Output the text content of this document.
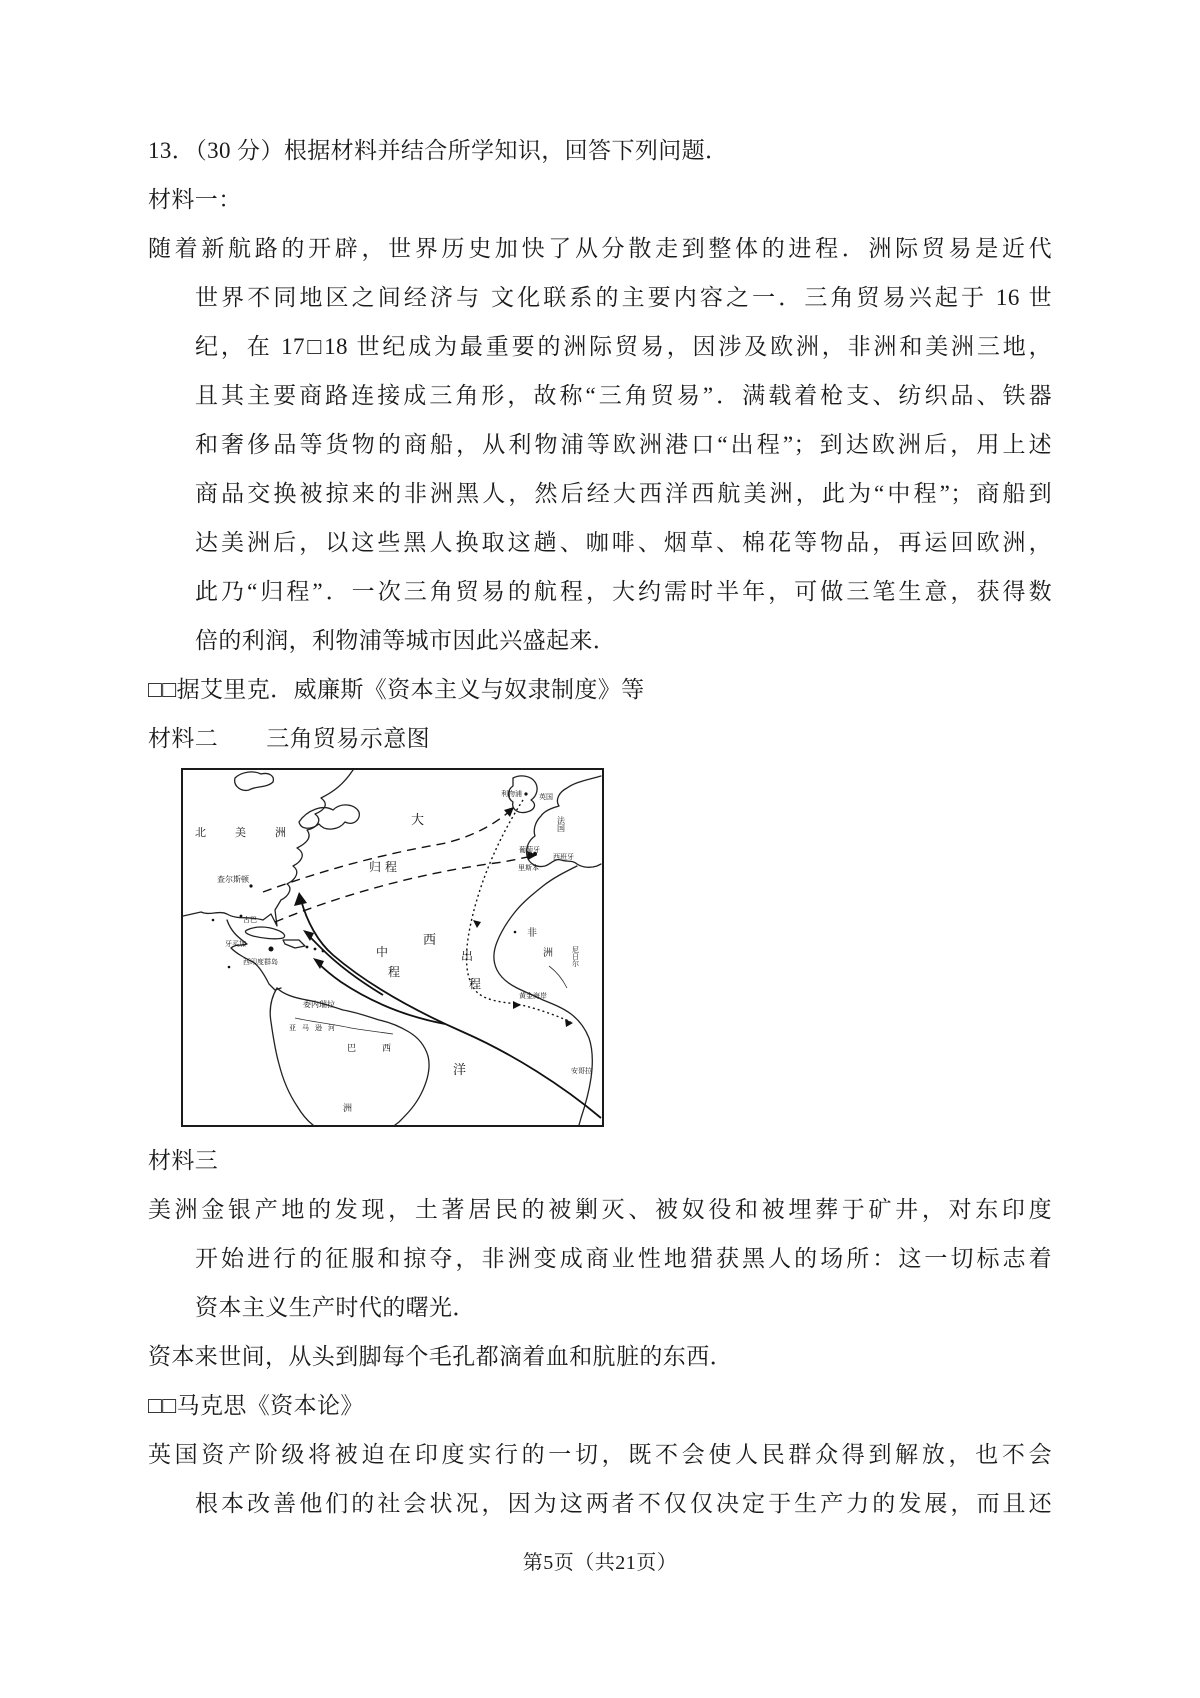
13．（30 分）根据材料并结合所学知识，回答下列问题．
材料一：
随着新航路的开辟，世界历史加快了从分散走到整体的进程．洲际贸易是近代
世界不同地区之间经济与 文化联系的主要内容之一．三角贸易兴起于 16 世
纪，在 17□18 世纪成为最重要的洲际贸易，因涉及欧洲，非洲和美洲三地，
且其主要商路连接成三角形，故称“三角贸易”．满载着枪支、纺织品、铁器
和奢侈品等货物的商船，从利物浦等欧洲港口“出程”；到达欧洲后，用上述
商品交换被掠来的非洲黑人，然后经大西洋西航美洲，此为“中程”；商船到
达美洲后，以这些黑人换取这趟、咖啡、烟草、棉花等物品，再运回欧洲，
此乃“归程”．一次三角贸易的航程，大约需时半年，可做三笔生意，获得数
倍的利润，利物浦等城市因此兴盛起来．
□□据艾里克．威廉斯《资本主义与奴隶制度》等
材料二 三角贸易示意图
北美洲
大
西
洋
归程
中
程
出
程
查尔斯顿
古巴
牙买加
西印度群岛
委内瑞拉
亚马逊河
巴西
洲
利物浦 英国
法国
葡萄牙
西班牙
里斯本
非
洲
黄金海岸
尼日尔
安哥拉
材料三
美洲金银产地的发现，土著居民的被剿灭、被奴役和被埋葬于矿井，对东印度
开始进行的征服和掠夺，非洲变成商业性地猎获黑人的场所：这一切标志着
资本主义生产时代的曙光．
资本来世间，从头到脚每个毛孔都滴着血和肮脏的东西．
□□马克思《资本论》
英国资产阶级将被迫在印度实行的一切，既不会使人民群众得到解放，也不会
根本改善他们的社会状况，因为这两者不仅仅决定于生产力的发展，而且还
第5页（共21页）
